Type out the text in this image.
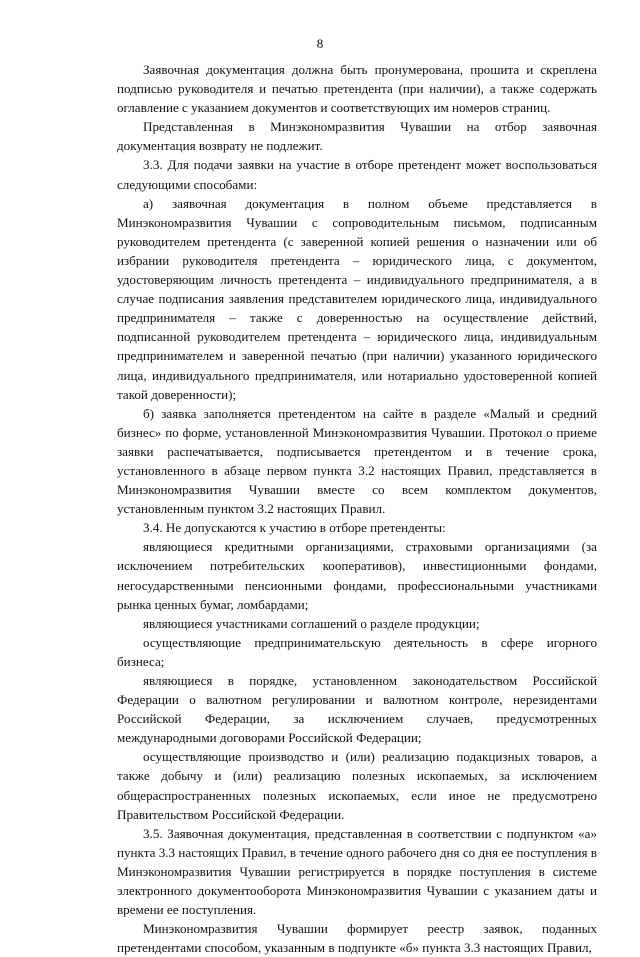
8

Заявочная документация должна быть пронумерована, прошита и скреплена подписью руководителя и печатью претендента (при наличии), а также содержать оглавление с указанием документов и соответствующих им номеров страниц.

Представленная в Минэкономразвития Чувашии на отбор заявочная документация возврату не подлежит.

3.3. Для подачи заявки на участие в отборе претендент может воспользоваться следующими способами:

а) заявочная документация в полном объеме представляется в Минэкономразвития Чувашии с сопроводительным письмом, подписанным руководителем претендента (с заверенной копией решения о назначении или об избрании руководителя претендента – юридического лица, с документом, удостоверяющим личность претендента – индивидуального предпринимателя, а в случае подписания заявления представителем юридического лица, индивидуального предпринимателя – также с доверенностью на осуществление действий, подписанной руководителем претендента – юридического лица, индивидуальным предпринимателем и заверенной печатью (при наличии) указанного юридического лица, индивидуального предпринимателя, или нотариально удостоверенной копией такой доверенности);

б) заявка заполняется претендентом на сайте в разделе «Малый и средний бизнес» по форме, установленной Минэкономразвития Чувашии. Протокол о приеме заявки распечатывается, подписывается претендентом и в течение срока, установленного в абзаце первом пункта 3.2 настоящих Правил, представляется в Минэкономразвития Чувашии вместе со всем комплектом документов, установленным пунктом 3.2 настоящих Правил.

3.4. Не допускаются к участию в отборе претенденты:

являющиеся кредитными организациями, страховыми организациями (за исключением потребительских кооперативов), инвестиционными фондами, негосударственными пенсионными фондами, профессиональными участниками рынка ценных бумаг, ломбардами;

являющиеся участниками соглашений о разделе продукции;

осуществляющие предпринимательскую деятельность в сфере игорного бизнеса;

являющиеся в порядке, установленном законодательством Российской Федерации о валютном регулировании и валютном контроле, нерезидентами Российской Федерации, за исключением случаев, предусмотренных международными договорами Российской Федерации;

осуществляющие производство и (или) реализацию подакцизных товаров, а также добычу и (или) реализацию полезных ископаемых, за исключением общераспространенных полезных ископаемых, если иное не предусмотрено Правительством Российской Федерации.

3.5. Заявочная документация, представленная в соответствии с подпунктом «а» пункта 3.3 настоящих Правил, в течение одного рабочего дня со дня ее поступления в Минэкономразвития Чувашии регистрируется в порядке поступления в системе электронного документооборота Минэкономразвития Чувашии с указанием даты и времени ее поступления.

Минэкономразвития Чувашии формирует реестр заявок, поданных претендентами способом, указанным в подпункте «б» пункта 3.3 настоящих Правил,
